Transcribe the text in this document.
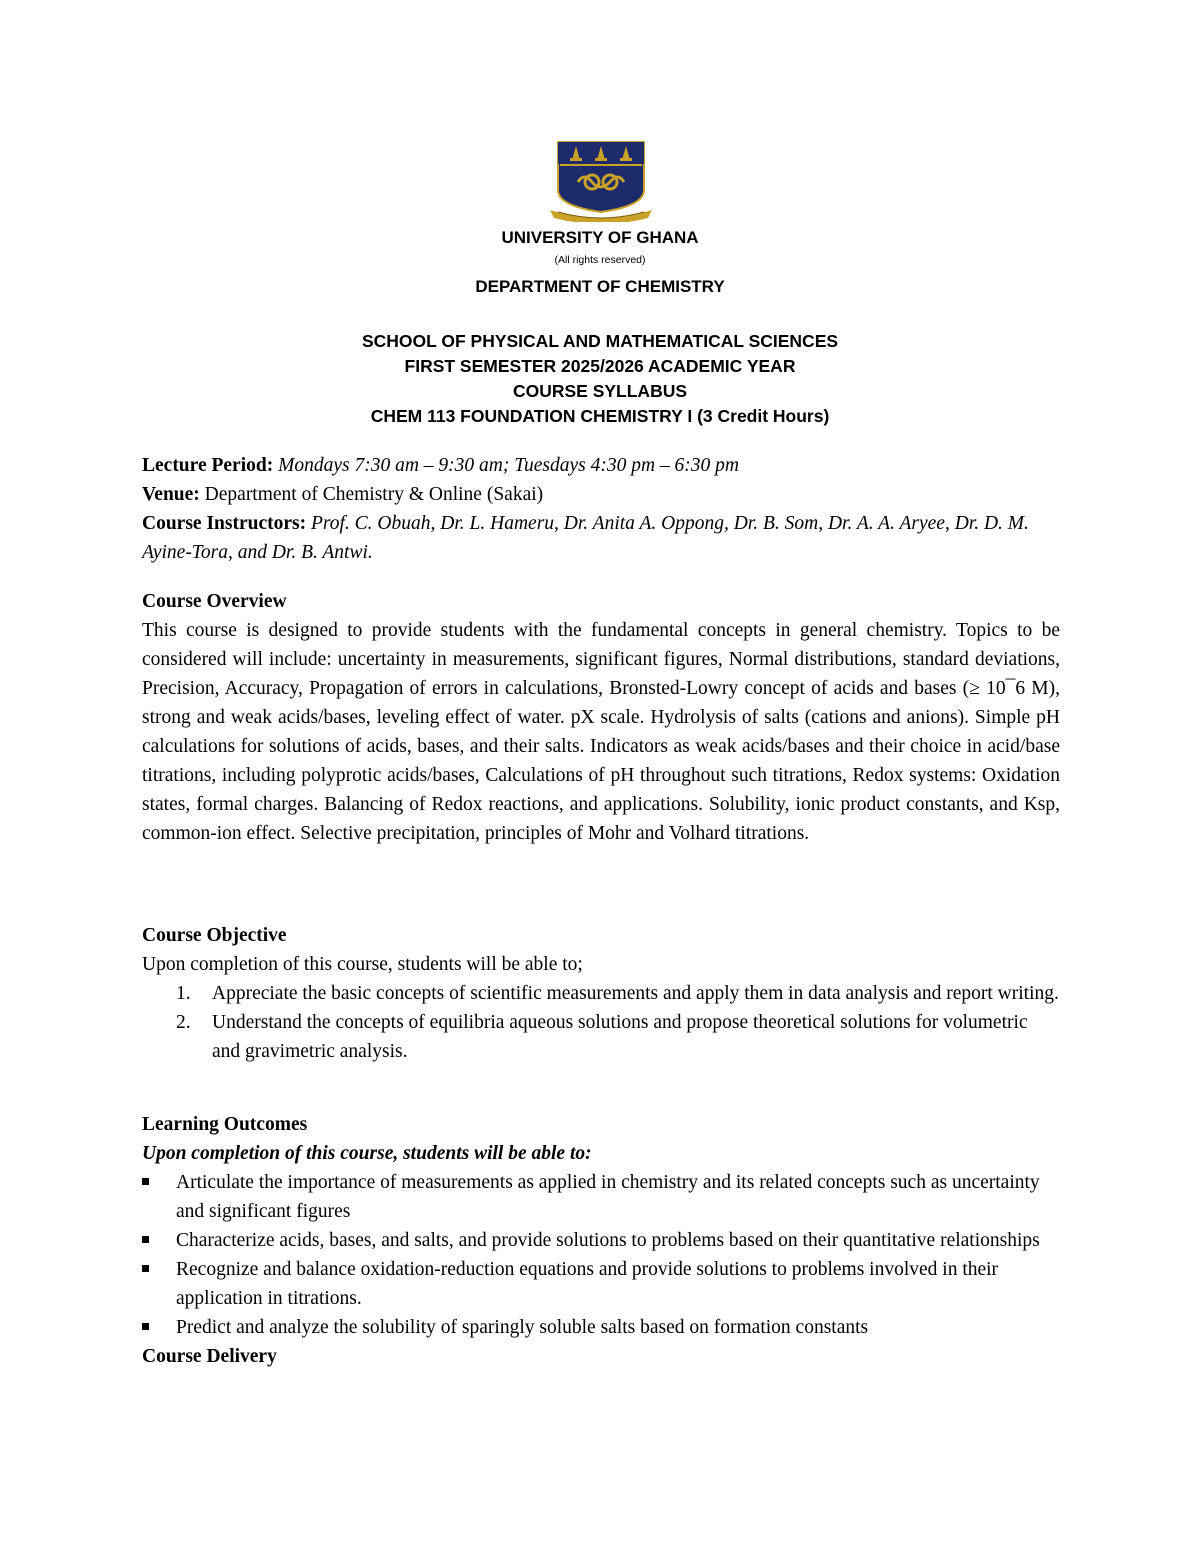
UNIVERSITY OF GHANA
(All rights reserved)
DEPARTMENT OF CHEMISTRY
SCHOOL OF PHYSICAL AND MATHEMATICAL SCIENCES
FIRST SEMESTER 2025/2026 ACADEMIC YEAR
COURSE SYLLABUS
CHEM 113 FOUNDATION CHEMISTRY I (3 Credit Hours)
Lecture Period: Mondays 7:30 am – 9:30 am; Tuesdays 4:30 pm – 6:30 pm
Venue: Department of Chemistry & Online (Sakai)
Course Instructors: Prof. C. Obuah, Dr. L. Hameru, Dr. Anita A. Oppong, Dr. B. Som, Dr. A. A. Aryee, Dr. D. M. Ayine-Tora, and Dr. B. Antwi.
Course Overview
This course is designed to provide students with the fundamental concepts in general chemistry. Topics to be considered will include: uncertainty in measurements, significant figures, Normal distributions, standard deviations, Precision, Accuracy, Propagation of errors in calculations, Bronsted-Lowry concept of acids and bases (≥ 10¯6 M), strong and weak acids/bases, leveling effect of water. pX scale. Hydrolysis of salts (cations and anions). Simple pH calculations for solutions of acids, bases, and their salts. Indicators as weak acids/bases and their choice in acid/base titrations, including polyprotic acids/bases, Calculations of pH throughout such titrations, Redox systems: Oxidation states, formal charges. Balancing of Redox reactions, and applications. Solubility, ionic product constants, and Ksp, common-ion effect. Selective precipitation, principles of Mohr and Volhard titrations.
Course Objective
Upon completion of this course, students will be able to;
1. Appreciate the basic concepts of scientific measurements and apply them in data analysis and report writing.
2. Understand the concepts of equilibria aqueous solutions and propose theoretical solutions for volumetric and gravimetric analysis.
Learning Outcomes
Upon completion of this course, students will be able to:
Articulate the importance of measurements as applied in chemistry and its related concepts such as uncertainty and significant figures
Characterize acids, bases, and salts, and provide solutions to problems based on their quantitative relationships
Recognize and balance oxidation-reduction equations and provide solutions to problems involved in their application in titrations.
Predict and analyze the solubility of sparingly soluble salts based on formation constants
Course Delivery
